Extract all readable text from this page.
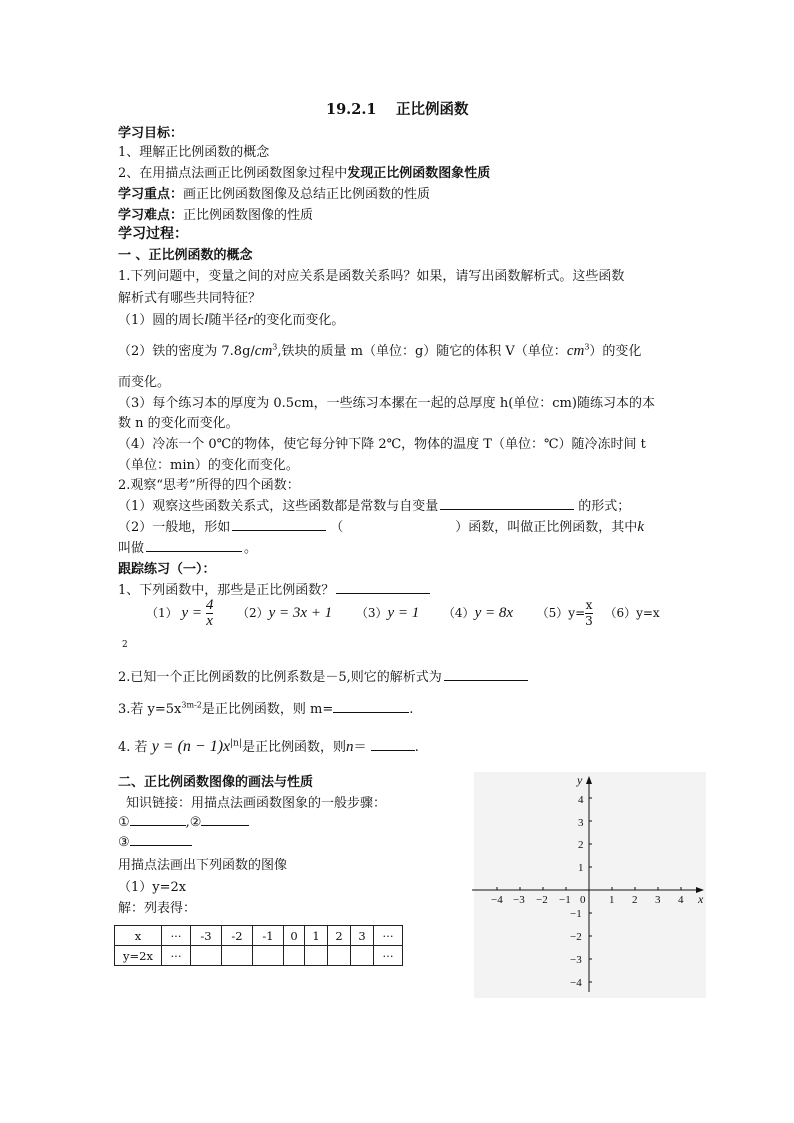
19.2.1　 正比例函数
学习目标：
1、理解正比例函数的概念
2、在用描点法画正比例函数图象过程中发现正比例函数图象性质
学习重点：画正比例函数图像及总结正比例函数的性质
学习难点：正比例函数图像的性质
学习过程：
一 、正比例函数的概念
1.下列问题中，变量之间的对应关系是函数关系吗？如果，请写出函数解析式。这些函数
解析式有哪些共同特征？
（1）圆的周长l随半径r的变化而变化。
（2）铁的密度为 $7.8g/cm^3$,铁块的质量 m（单位：g）随它的体积 V（单位：$cm^3$）的变化
而变化。
（3）每个练习本的厚度为 0.5cm，一些练习本摞在一起的总厚度 h(单位：cm)随练习本的本
数 n 的变化而变化。
（4）冷冻一个 0℃的物体，使它每分钟下降 2℃，物体的温度 T（单位：℃）随冷冻时间 t
（单位：min）的变化而变化。
2.观察“思考”所得的四个函数：
（1）观察这些函数关系式，这些函数都是常数与自变量	的形式；
（2）一般地，形如	（	）函数，叫做正比例函数，其中k
叫做	。
跟踪练习（一）：
1、下列函数中，那些是正比例函数？
（1） $y = \frac{4}{x} (2)y = 3x + 1$ （3）y = 1 （4）y = 8x $(5)y= \frac{x}{3} (6)y=x$
2
2.已知一个正比例函数的比例系数是－5,则它的解析式为
3.若 $y=5x^{3m-2}$是正比例函数，则 m=	.
4. 若 $y = (n - 1)x^{|n|}$是正比例函数，则n＝	.
二、正比例函数图像的画法与性质
知识链接：用描点法画函数图象的一般步骤：
①	,②
③
用描点法画出下列函数的图像
（1）y=2x
解：列表得：
x	···	-3	-2	-1	0	1	2	3	···
y=2x	···								···
y
x
−4 −3 −2 −1 0 1 2 3 4
1
2
3
4
−1
−2
−3
−4
